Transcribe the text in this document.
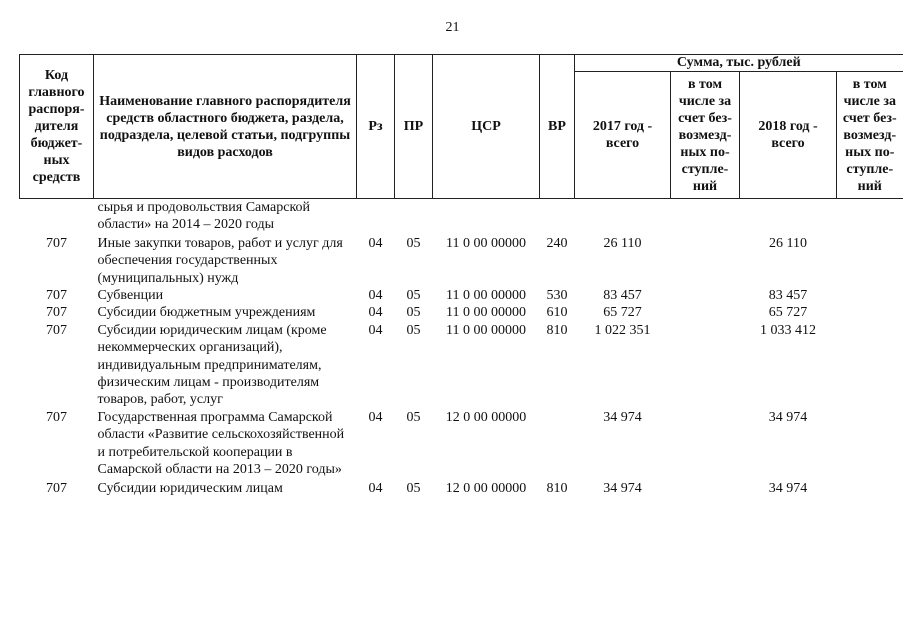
21
Код главного распоря-дителя бюджет-ных средств	Наименование главного распорядителя средств областного бюджета, раздела, подраздела, целевой статьи, подгруппы видов расходов	Рз	ПР	ЦСР	ВР	Сумма, тыс. рублей			
						2017 год - всего	в том числе за счет без-возмезд-ных по-ступле-ний	2018 год - всего	в том числе за счет без-возмезд-ных по-ступле-ний
	сырья и продовольствия Самарской области» на 2014 – 2020 годы								
707	Иные закупки товаров, работ и услуг для обеспечения государственных (муниципальных) нужд	04	05	11 0 00 00000	240	26 110		26 110	
707	Субвенции	04	05	11 0 00 00000	530	83 457		83 457	
707	Субсидии бюджетным учреждениям	04	05	11 0 00 00000	610	65 727		65 727	
707	Субсидии юридическим лицам (кроме некоммерческих организаций), индивидуальным предпринимателям, физическим лицам - производителям товаров, работ, услуг	04	05	11 0 00 00000	810	1 022 351		1 033 412	
707	Государственная программа Самарской области «Развитие сельскохозяйственной и потребительской кооперации в Самарской области на 2013 – 2020 годы»	04	05	12 0 00 00000		34 974		34 974	
707	Субсидии юридическим лицам	04	05	12 0 00 00000	810	34 974		34 974	
